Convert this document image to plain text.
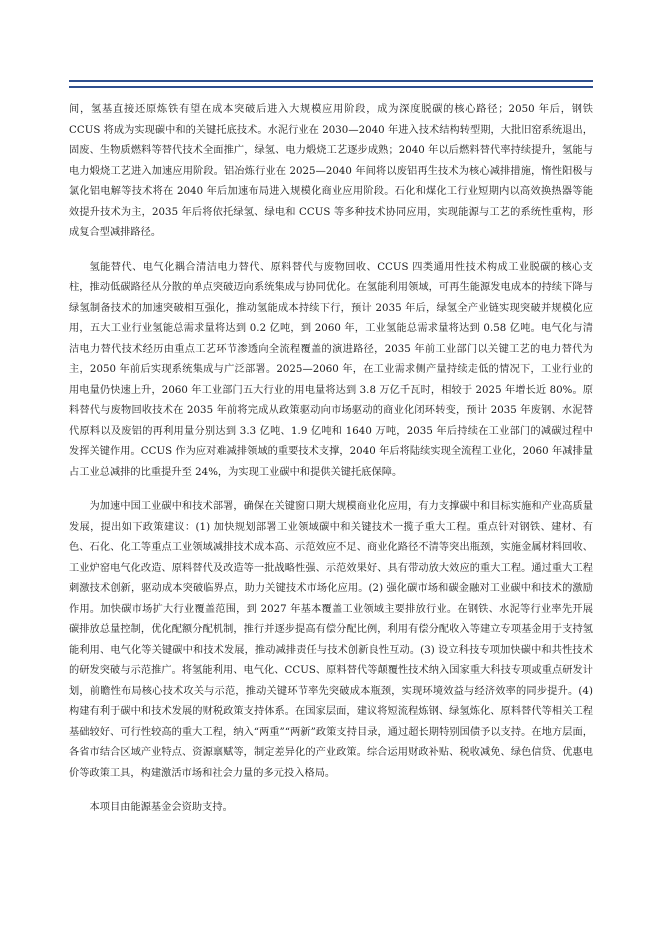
间，氢基直接还原炼铁有望在成本突破后进入大规模应用阶段，成为深度脱碳的核心路径；2050 年后，钢铁 CCUS 将成为实现碳中和的关键托底技术。水泥行业在 2030—2040 年进入技术结构转型期，大批旧窑系统退出，固废、生物质燃料等替代技术全面推广，绿氢、电力煅烧工艺逐步成熟；2040 年以后燃料替代率持续提升，氢能与电力煅烧工艺进入加速应用阶段。铝冶炼行业在 2025—2040 年间将以废铝再生技术为核心减排措施，惰性阳极与氯化铝电解等技术将在 2040 年后加速布局进入规模化商业应用阶段。石化和煤化工行业短期内以高效换热器等能效提升技术为主，2035 年后将依托绿氢、绿电和 CCUS 等多种技术协同应用，实现能源与工艺的系统性重构，形成复合型减排路径。

氢能替代、电气化耦合清洁电力替代、原料替代与废物回收、CCUS 四类通用性技术构成工业脱碳的核心支柱，推动低碳路径从分散的单点突破迈向系统集成与协同优化。在氢能利用领域，可再生能源发电成本的持续下降与绿氢制备技术的加速突破相互强化，推动氢能成本持续下行，预计 2035 年后，绿氢全产业链实现突破并规模化应用，五大工业行业氢能总需求量将达到 0.2 亿吨，到 2060 年，工业氢能总需求量将达到 0.58 亿吨。电气化与清洁电力替代技术经历由重点工艺环节渗透向全流程覆盖的演进路径，2035 年前工业部门以关键工艺的电力替代为主，2050 年前后实现系统集成与广泛部署。2025—2060 年，在工业需求侧产量持续走低的情况下，工业行业的用电量仍快速上升，2060 年工业部门五大行业的用电量将达到 3.8 万亿千瓦时，相较于 2025 年增长近 80%。原料替代与废物回收技术在 2035 年前将完成从政策驱动向市场驱动的商业化闭环转变，预计 2035 年废钢、水泥替代原料以及废铝的再利用量分别达到 3.3 亿吨、1.9 亿吨和 1640 万吨，2035 年后持续在工业部门的减碳过程中发挥关键作用。CCUS 作为应对难减排领域的重要技术支撑，2040 年后将陆续实现全流程工业化，2060 年减排量占工业总减排的比重提升至 24%，为实现工业碳中和提供关键托底保障。

为加速中国工业碳中和技术部署，确保在关键窗口期大规模商业化应用，有力支撑碳中和目标实施和产业高质量发展，提出如下政策建议：(1) 加快规划部署工业领域碳中和关键技术一揽子重大工程。重点针对钢铁、建材、有色、石化、化工等重点工业领域减排技术成本高、示范效应不足、商业化路径不清等突出瓶颈，实施金属材料回收、工业炉窑电气化改造、原料替代及改造等一批战略性强、示范效果好、具有带动放大效应的重大工程。通过重大工程刺激技术创新，驱动成本突破临界点，助力关键技术市场化应用。(2) 强化碳市场和碳金融对工业碳中和技术的激励作用。加快碳市场扩大行业覆盖范围，到 2027 年基本覆盖工业领域主要排放行业。在钢铁、水泥等行业率先开展碳排放总量控制，优化配额分配机制，推行并逐步提高有偿分配比例，利用有偿分配收入等建立专项基金用于支持氢能利用、电气化等关键碳中和技术发展，推动减排责任与技术创新良性互动。(3) 设立科技专项加快碳中和共性技术的研发突破与示范推广。将氢能利用、电气化、CCUS、原料替代等颠覆性技术纳入国家重大科技专项或重点研发计划，前瞻性布局核心技术攻关与示范，推动关键环节率先突破成本瓶颈，实现环境效益与经济效率的同步提升。(4) 构建有利于碳中和技术发展的财税政策支持体系。在国家层面，建议将短流程炼钢、绿氢炼化、原料替代等相关工程基础较好、可行性较高的重大工程，纳入“两重”“两新”政策支持目录，通过超长期特别国债予以支持。在地方层面，各省市结合区域产业特点、资源禀赋等，制定差异化的产业政策。综合运用财政补贴、税收减免、绿色信贷、优惠电价等政策工具，构建激活市场和社会力量的多元投入格局。

本项目由能源基金会资助支持。
